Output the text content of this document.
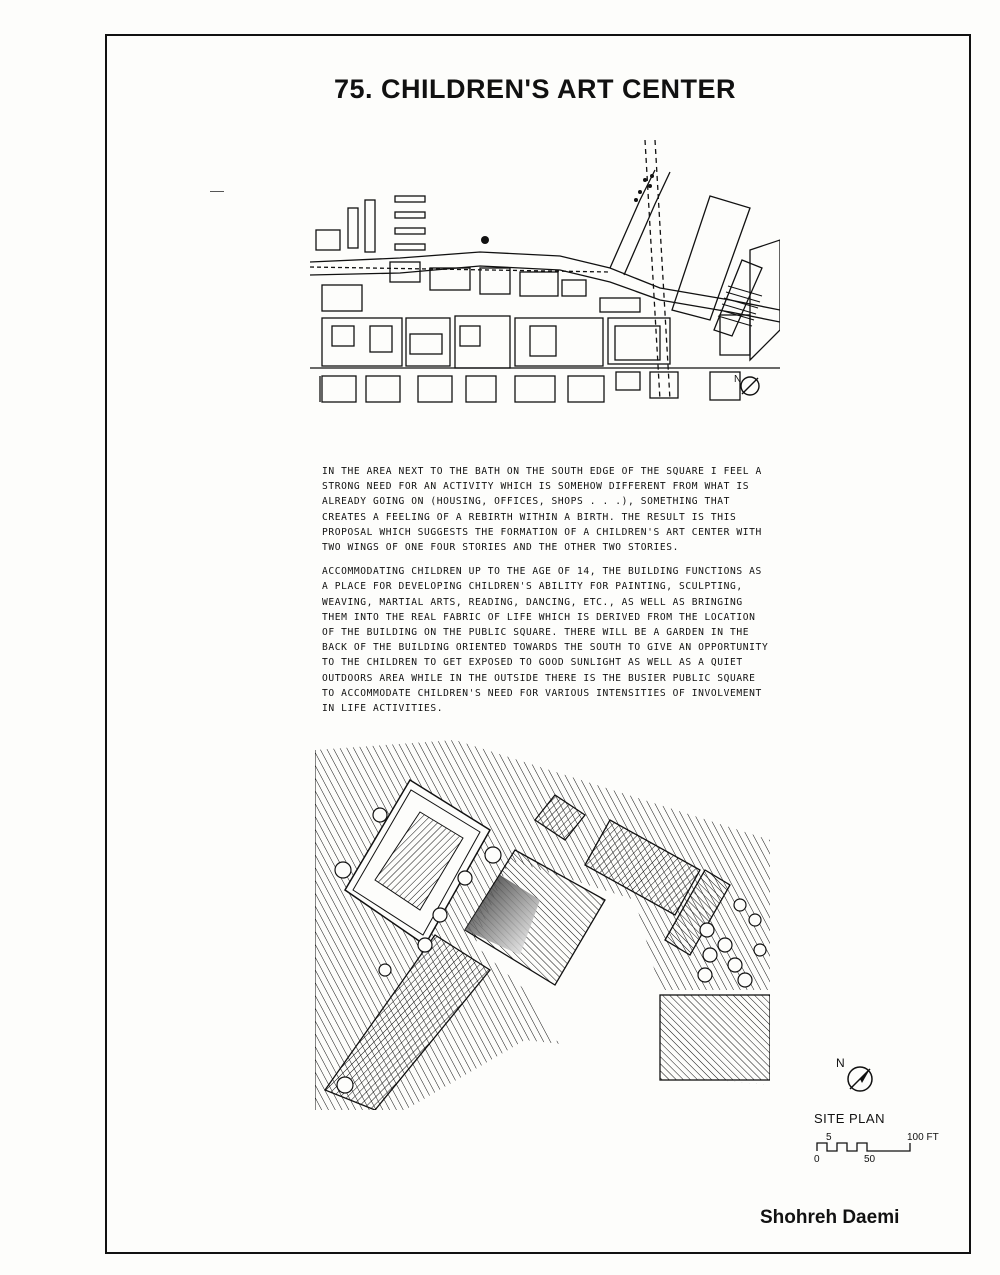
75. CHILDREN'S ART CENTER
N

IN THE AREA NEXT TO THE BATH ON THE SOUTH EDGE OF THE SQUARE I FEEL A STRONG NEED FOR AN ACTIVITY WHICH IS SOMEHOW DIFFERENT FROM WHAT IS ALREADY GOING ON (HOUSING, OFFICES, SHOPS . . .), SOMETHING THAT CREATES A FEELING OF A REBIRTH WITHIN A BIRTH. THE RESULT IS THIS PROPOSAL WHICH SUGGESTS THE FORMATION OF A CHILDREN'S ART CENTER WITH TWO WINGS OF ONE FOUR STORIES AND THE OTHER TWO STORIES.

ACCOMMODATING CHILDREN UP TO THE AGE OF 14, THE BUILDING FUNCTIONS AS A PLACE FOR DEVELOPING CHILDREN'S ABILITY FOR PAINTING, SCULPTING, WEAVING, MARTIAL ARTS, READING, DANCING, ETC., AS WELL AS BRINGING THEM INTO THE REAL FABRIC OF LIFE WHICH IS DERIVED FROM THE LOCATION OF THE BUILDING ON THE PUBLIC SQUARE. THERE WILL BE A GARDEN IN THE BACK OF THE BUILDING ORIENTED TOWARDS THE SOUTH TO GIVE AN OPPORTUNITY TO THE CHILDREN TO GET EXPOSED TO GOOD SUNLIGHT AS WELL AS A QUIET OUTDOORS AREA WHILE IN THE OUTSIDE THERE IS THE BUSIER PUBLIC SQUARE TO ACCOMMODATE CHILDREN'S NEED FOR VARIOUS INTENSITIES OF INVOLVEMENT IN LIFE ACTIVITIES.

N
SITE PLAN
5	100 FT
0	50
Shohreh Daemi
